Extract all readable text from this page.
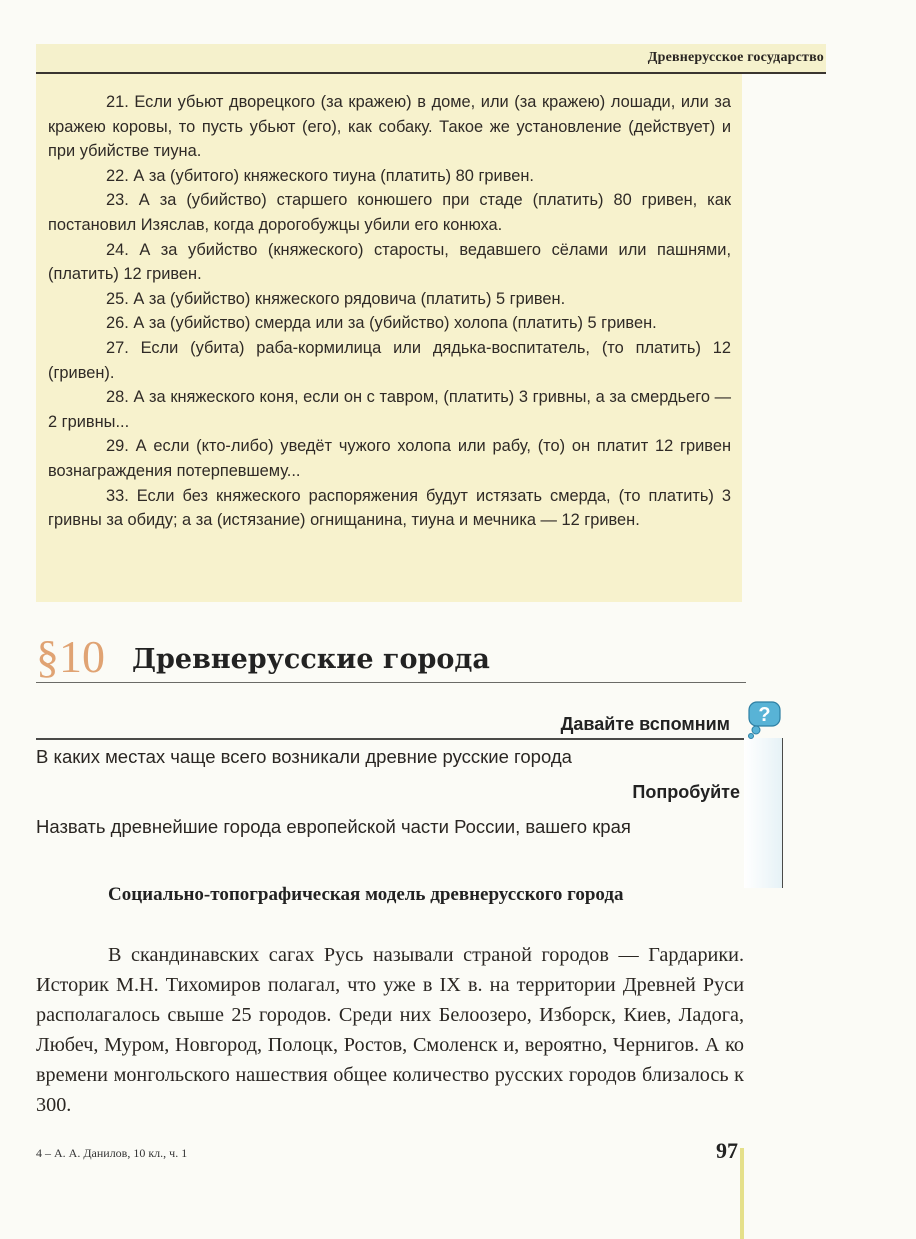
Древнерусское государство

21. Если убьют дворецкого (за кражею) в доме, или (за кражею) лошади, или за кражею коровы, то пусть убьют (его), как собаку. Такое же установление (действует) и при убийстве тиуна.

22. А за (убитого) княжеского тиуна (платить) 80 гривен.

23. А за (убийство) старшего конюшего при стаде (платить) 80 гривен, как постановил Изяслав, когда дорогобужцы убили его конюха.

24. А за убийство (княжеского) старосты, ведавшего сёлами или пашнями, (платить) 12 гривен.

25. А за (убийство) княжеского рядовича (платить) 5 гривен.

26. А за (убийство) смерда или за (убийство) холопа (платить) 5 гривен.

27. Если (убита) раба-кормилица или дядька-воспитатель, (то платить) 12 (гривен).

28. А за княжеского коня, если он с тавром, (платить) 3 гривны, а за смердьего — 2 гривны...

29. А если (кто-либо) уведёт чужого холопа или рабу, (то) он платит 12 гривен вознаграждения потерпевшему...

33. Если без княжеского распоряжения будут истязать смерда, (то платить) 3 гривны за обиду; а за (истязание) огнищанина, тиуна и мечника — 12 гривен.

§10 Древнерусские города
?
Давайте вспомним
В каких местах чаще всего возникали древние русские города
Попробуйте
Назвать древнейшие города европейской части России, вашего края
Социально-топографическая модель древнерусского города

В скандинавских сагах Русь называли страной городов — Гардарики. Историк М.Н. Тихомиров полагал, что уже в IX в. на территории Древней Руси располагалось свыше 25 городов. Среди них Белоозеро, Изборск, Киев, Ладога, Любеч, Муром, Новгород, Полоцк, Ростов, Смоленск и, вероятно, Чернигов. А ко времени монгольского нашествия общее количество русских городов близалось к 300.

4 – А. А. Данилов, 10 кл., ч. 1	97
